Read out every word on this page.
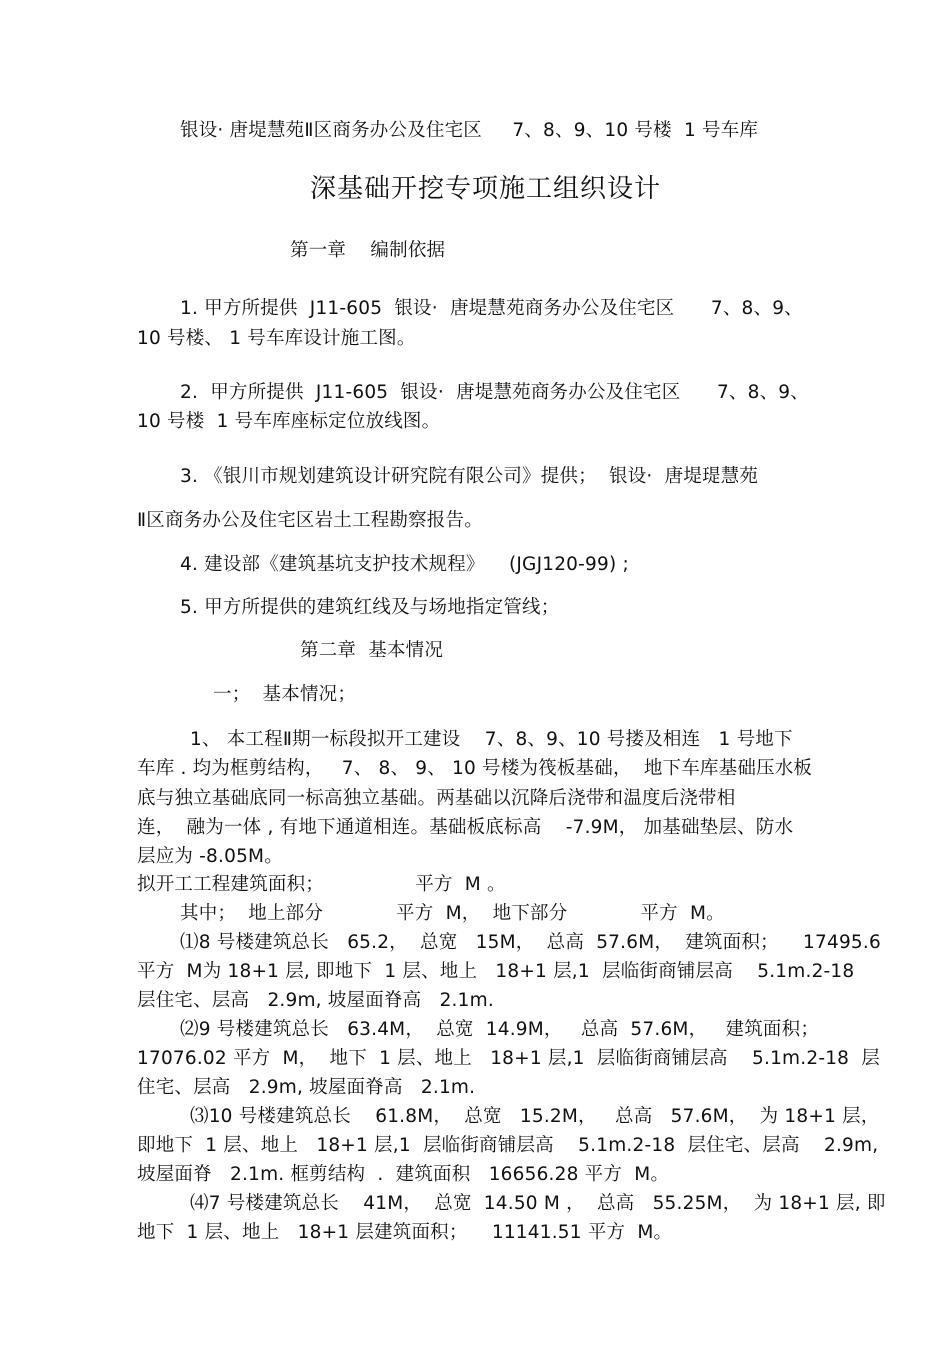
银设· 唐堤慧苑Ⅱ区商务办公及住宅区     7、8、9、10 号楼  1 号车库
深基础开挖专项施工组织设计
第一章    编制依据
1. 甲方所提供  J11-605  银设·  唐堤慧苑商务办公及住宅区      7、8、9、
10 号楼、 1 号车库设计施工图。
2.  甲方所提供  J11-605  银设·  唐堤慧苑商务办公及住宅区      7、8、9、
10 号楼  1 号车库座标定位放线图。
3. 《银川市规划建筑设计研究院有限公司》提供；  银设·  唐堤瑅慧苑
Ⅱ区商务办公及住宅区岩土工程勘察报告。
4. 建设部《建筑基坑支护技术规程》    (JGJ120-99) ;
5. 甲方所提供的建筑红线及与场地指定管线；
第二章  基本情况
一；  基本情况；
1、 本工程Ⅱ期一标段拟开工建设    7、8、9、10 号搂及相连   1 号地下
车库 . 均为框剪结构，   7、 8、 9、 10 号楼为筏板基础，  地下车库基础压水板
底与独立基础底同一标高独立基础。两基础以沉降后浇带和温度后浇带相
连，  融为一体 , 有地下通道相连。基础板底标高    -7.9M， 加基础垫层、防水
层应为 -8.05M。
拟开工工程建筑面积；               平方  M 。
其中；  地上部分            平方  M，  地下部分            平方  M。
⑴8 号楼建筑总长   65.2，  总宽   15M，  总高  57.6M，  建筑面积；    17495.6
平方  M为 18+1 层, 即地下  1 层、地上   18+1 层,1  层临街商铺层高    5.1m.2-18
层住宅、层高   2.9m, 坡屋面脊高   2.1m.
⑵9 号楼建筑总长   63.4M，  总宽  14.9M，   总高  57.6M，   建筑面积；
17076.02 平方  M，  地下  1 层、地上   18+1 层,1  层临街商铺层高    5.1m.2-18  层
住宅、层高   2.9m, 坡屋面脊高   2.1m.
⑶10 号楼建筑总长    61.8M，  总宽   15.2M，   总高   57.6M，  为 18+1 层，
即地下  1 层、地上   18+1 层,1  层临街商铺层高    5.1m.2-18  层住宅、层高    2.9m,
坡屋面脊   2.1m. 框剪结构  .  建筑面积   16656.28 平方  M。
⑷7 号楼建筑总长    41M，  总宽  14.50 M ，  总高   55.25M，  为 18+1 层, 即
地下  1 层、地上   18+1 层建筑面积；    11141.51 平方  M。
